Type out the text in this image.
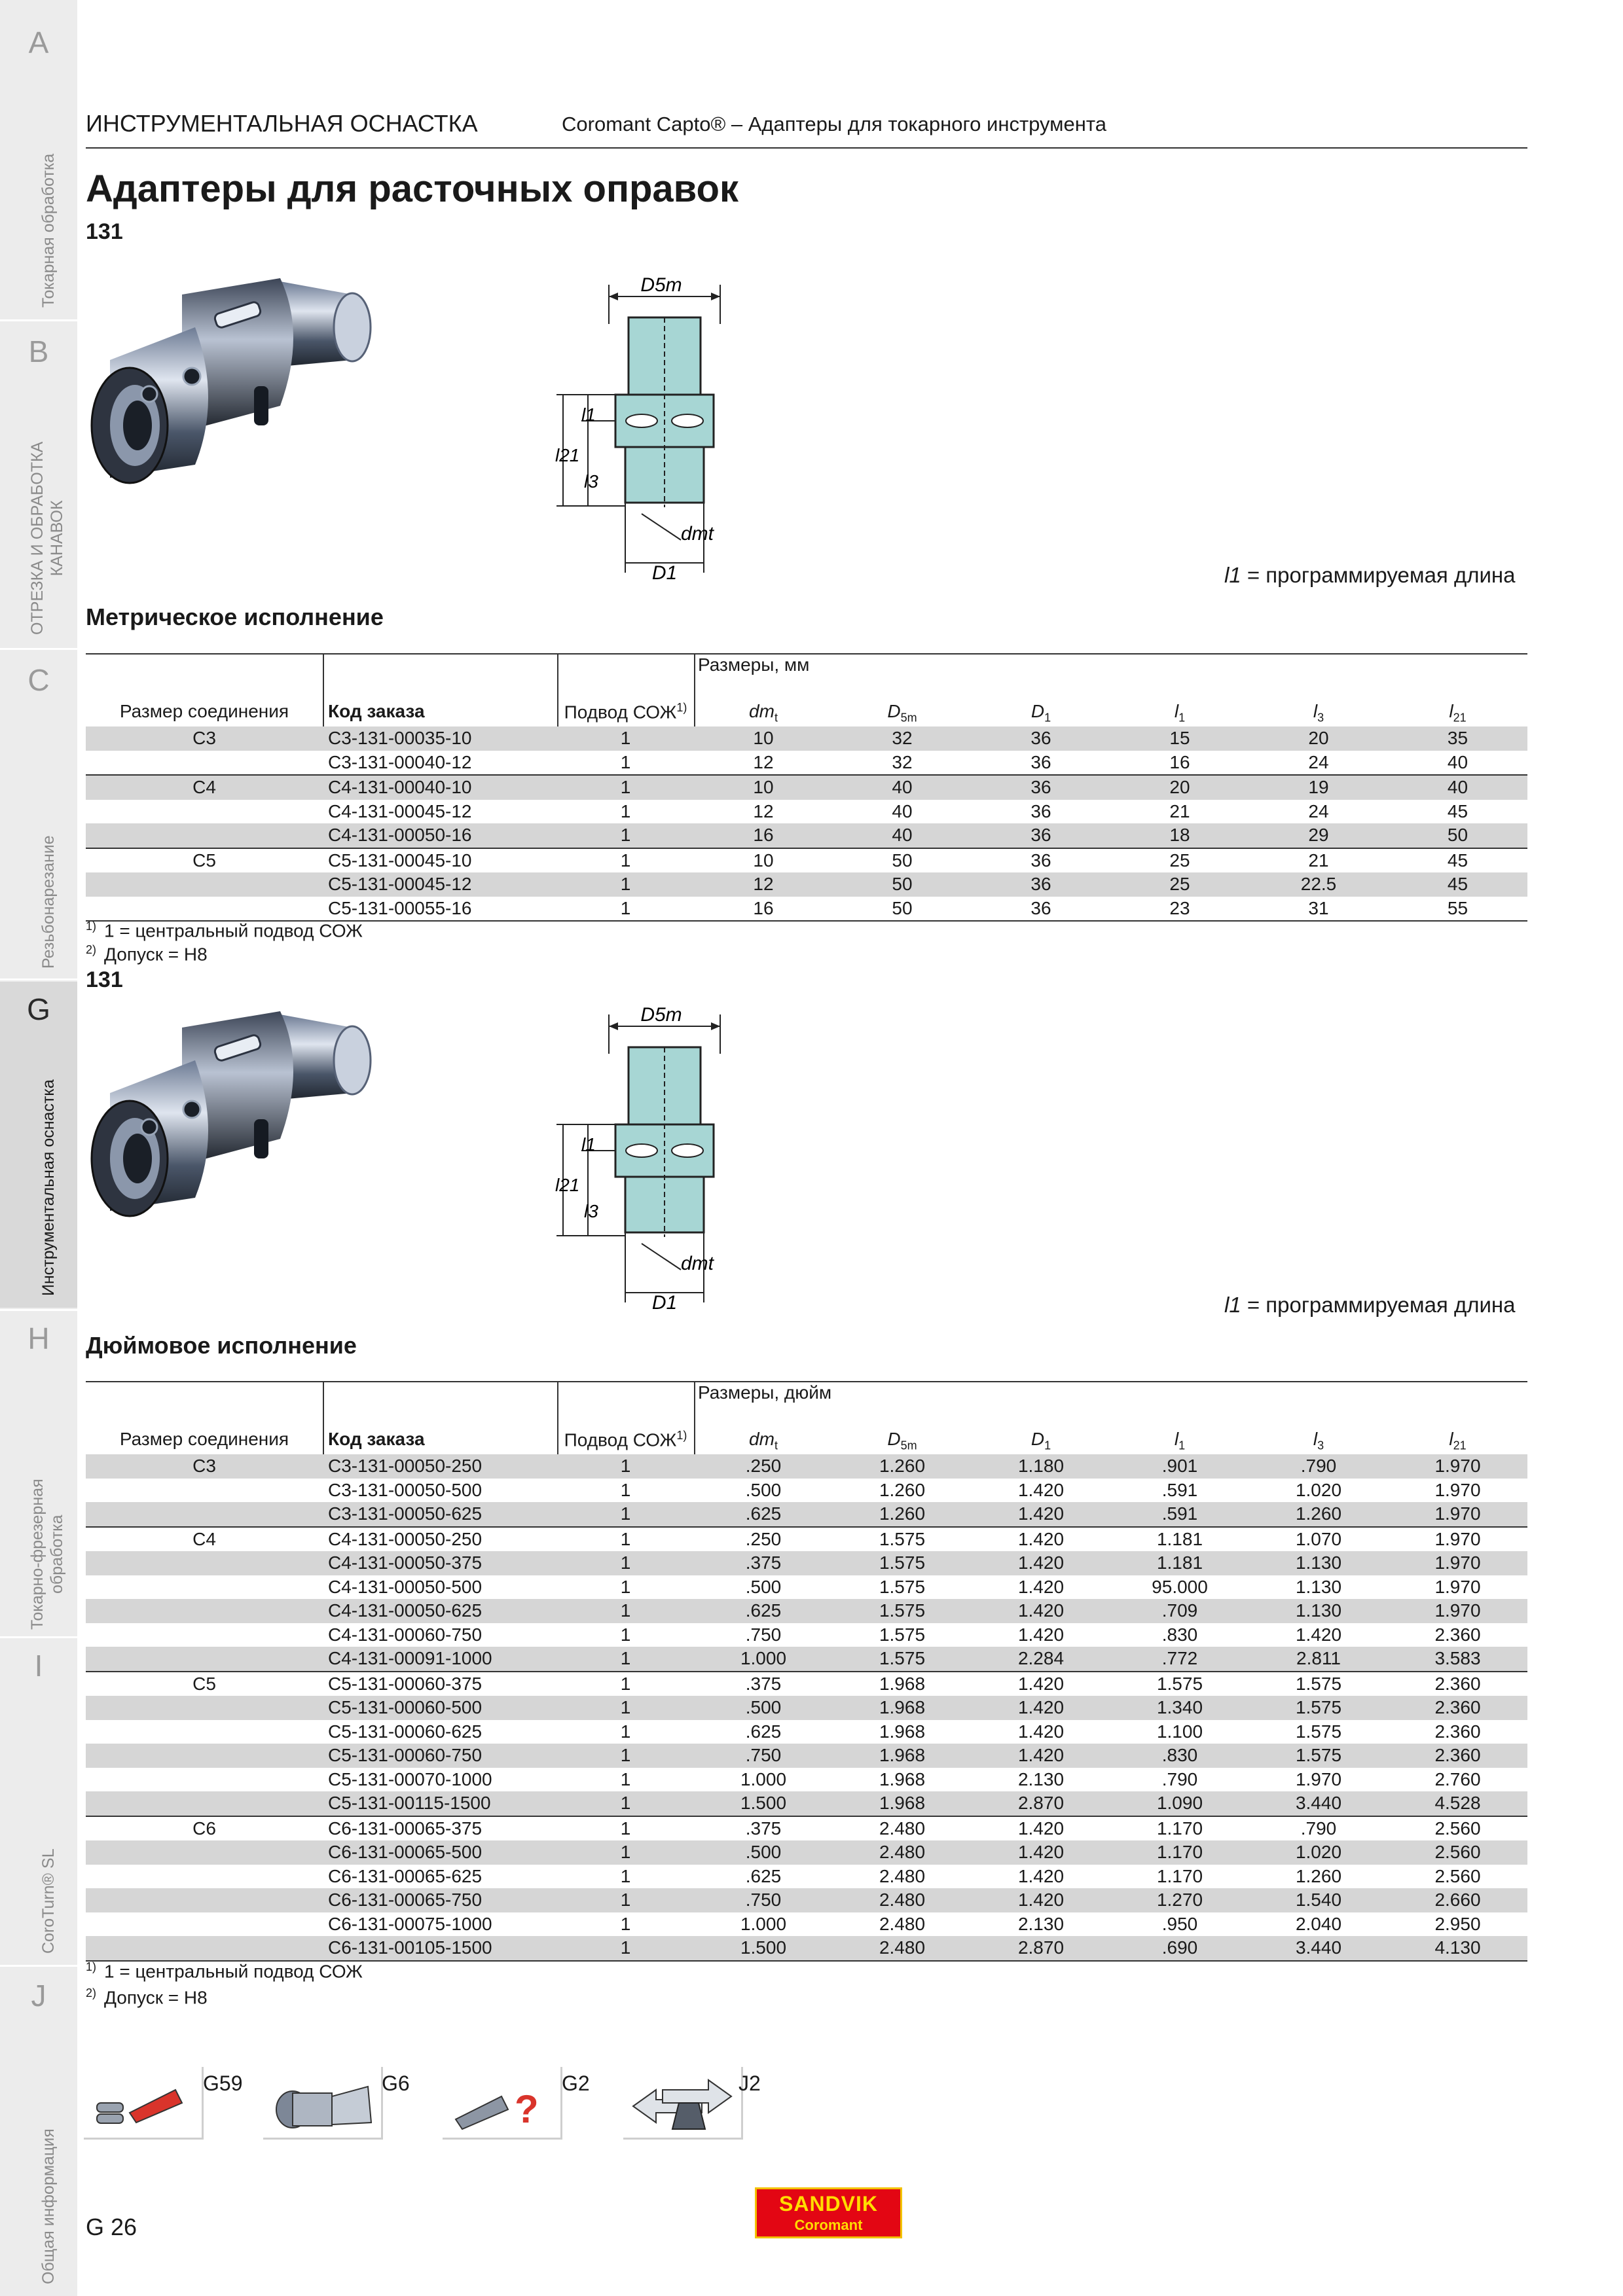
A
Токарная обработка
B
ОТРЕЗКА И ОБРАБОТКА
КАНАВОК
C
Резьбонарезание
G
Инструментальная оснастка
H
Токарно-фрезерная
обработка
I
CoroTurn® SL
J
Общая информация
ИНСТРУМЕНТАЛЬНАЯ ОСНАСТКА	Coromant Capto® – Адаптеры для токарного инструмента
Адаптеры для расточных оправок
131
D5m
l1
l21
l3
D1
dmt
l1 = программируемая длина
Метрическое исполнение
Размеры, мм
Размер соединения	Код заказа	Подвод СОЖ$^{1)}$	$dm_t$	$D_{5m}$	$D_1$	$l_1$	$l_3$	$l_{21}$
C3	C3-131-00035-10	1	10	32	36	15	20	35
	C3-131-00040-12	1	12	32	36	16	24	40
C4	C4-131-00040-10	1	10	40	36	20	19	40
	C4-131-00045-12	1	12	40	36	21	24	45
	C4-131-00050-16	1	16	40	36	18	29	50
C5	C5-131-00045-10	1	10	50	36	25	21	45
	C5-131-00045-12	1	12	50	36	25	22.5	45
	C5-131-00055-16	1	16	50	36	23	31	55
$^{1)}$ 1 = центральный подвод СОЖ
$^{2)}$ Допуск = H8
131
D5m
l1
l21
l3
D1
dmt
l1 = программируемая длина
Дюймовое исполнение
Размеры, дюйм
Размер соединения	Код заказа	Подвод СОЖ$^{1)}$	$dm_t$	$D_{5m}$	$D_1$	$l_1$	$l_3$	$l_{21}$
C3	C3-131-00050-250	1	.250	1.260	1.180	.901	.790	1.970
	C3-131-00050-500	1	.500	1.260	1.420	.591	1.020	1.970
	C3-131-00050-625	1	.625	1.260	1.420	.591	1.260	1.970
C4	C4-131-00050-250	1	.250	1.575	1.420	1.181	1.070	1.970
	C4-131-00050-375	1	.375	1.575	1.420	1.181	1.130	1.970
	C4-131-00050-500	1	.500	1.575	1.420	95.000	1.130	1.970
	C4-131-00050-625	1	.625	1.575	1.420	.709	1.130	1.970
	C4-131-00060-750	1	.750	1.575	1.420	.830	1.420	2.360
	C4-131-00091-1000	1	1.000	1.575	2.284	.772	2.811	3.583
C5	C5-131-00060-375	1	.375	1.968	1.420	1.575	1.575	2.360
	C5-131-00060-500	1	.500	1.968	1.420	1.340	1.575	2.360
	C5-131-00060-625	1	.625	1.968	1.420	1.100	1.575	2.360
	C5-131-00060-750	1	.750	1.968	1.420	.830	1.575	2.360
	C5-131-00070-1000	1	1.000	1.968	2.130	.790	1.970	2.760
	C5-131-00115-1500	1	1.500	1.968	2.870	1.090	3.440	4.528
C6	C6-131-00065-375	1	.375	2.480	1.420	1.170	.790	2.560
	C6-131-00065-500	1	.500	2.480	1.420	1.170	1.020	2.560
	C6-131-00065-625	1	.625	2.480	1.420	1.170	1.260	2.560
	C6-131-00065-750	1	.750	2.480	1.420	1.270	1.540	2.660
	C6-131-00075-1000	1	1.000	2.480	2.130	.950	2.040	2.950
	C6-131-00105-1500	1	1.500	2.480	2.870	.690	3.440	4.130
$^{1)}$ 1 = центральный подвод СОЖ
$^{2)}$ Допуск = H8
G59	G6
?
G2	J2
G 26
SANDVIK
Coromant
